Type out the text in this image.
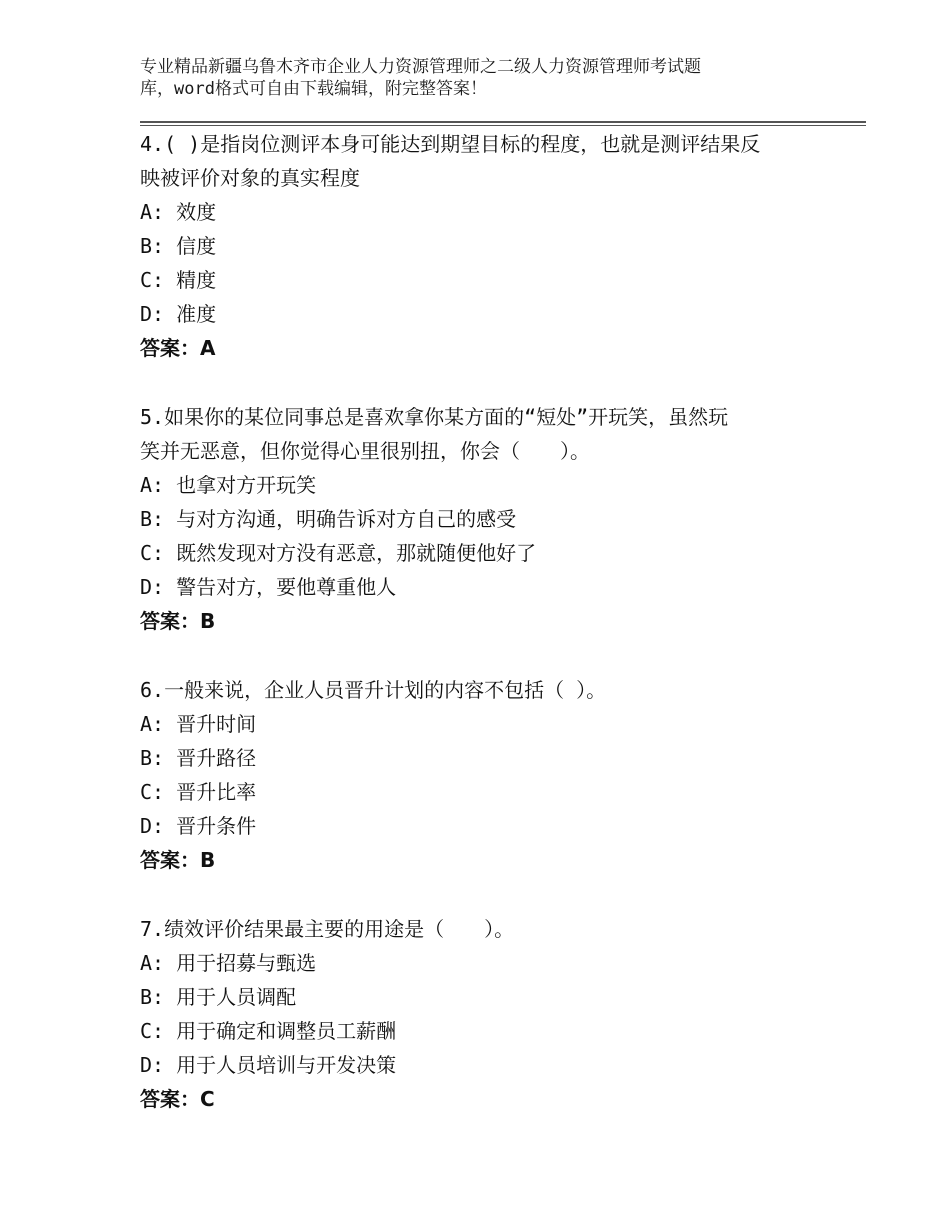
专业精品新疆乌鲁木齐市企业人力资源管理师之二级人力资源管理师考试题
库，word格式可自由下载编辑，附完整答案！

4.( )是指岗位测评本身可能达到期望目标的程度，也就是测评结果反

映被评价对象的真实程度

A: 效度

B: 信度

C: 精度

D: 准度

答案：A

5.如果你的某位同事总是喜欢拿你某方面的“短处”开玩笑，虽然玩

笑并无恶意，但你觉得心里很别扭，你会（　　）。

A: 也拿对方开玩笑

B: 与对方沟通，明确告诉对方自己的感受

C: 既然发现对方没有恶意，那就随便他好了

D: 警告对方，要他尊重他人

答案：B

6.一般来说，企业人员晋升计划的内容不包括（ ）。

A: 晋升时间

B: 晋升路径

C: 晋升比率

D: 晋升条件

答案：B

7.绩效评价结果最主要的用途是（　　）。

A: 用于招募与甄选

B: 用于人员调配

C: 用于确定和调整员工薪酬

D: 用于人员培训与开发决策

答案：C
